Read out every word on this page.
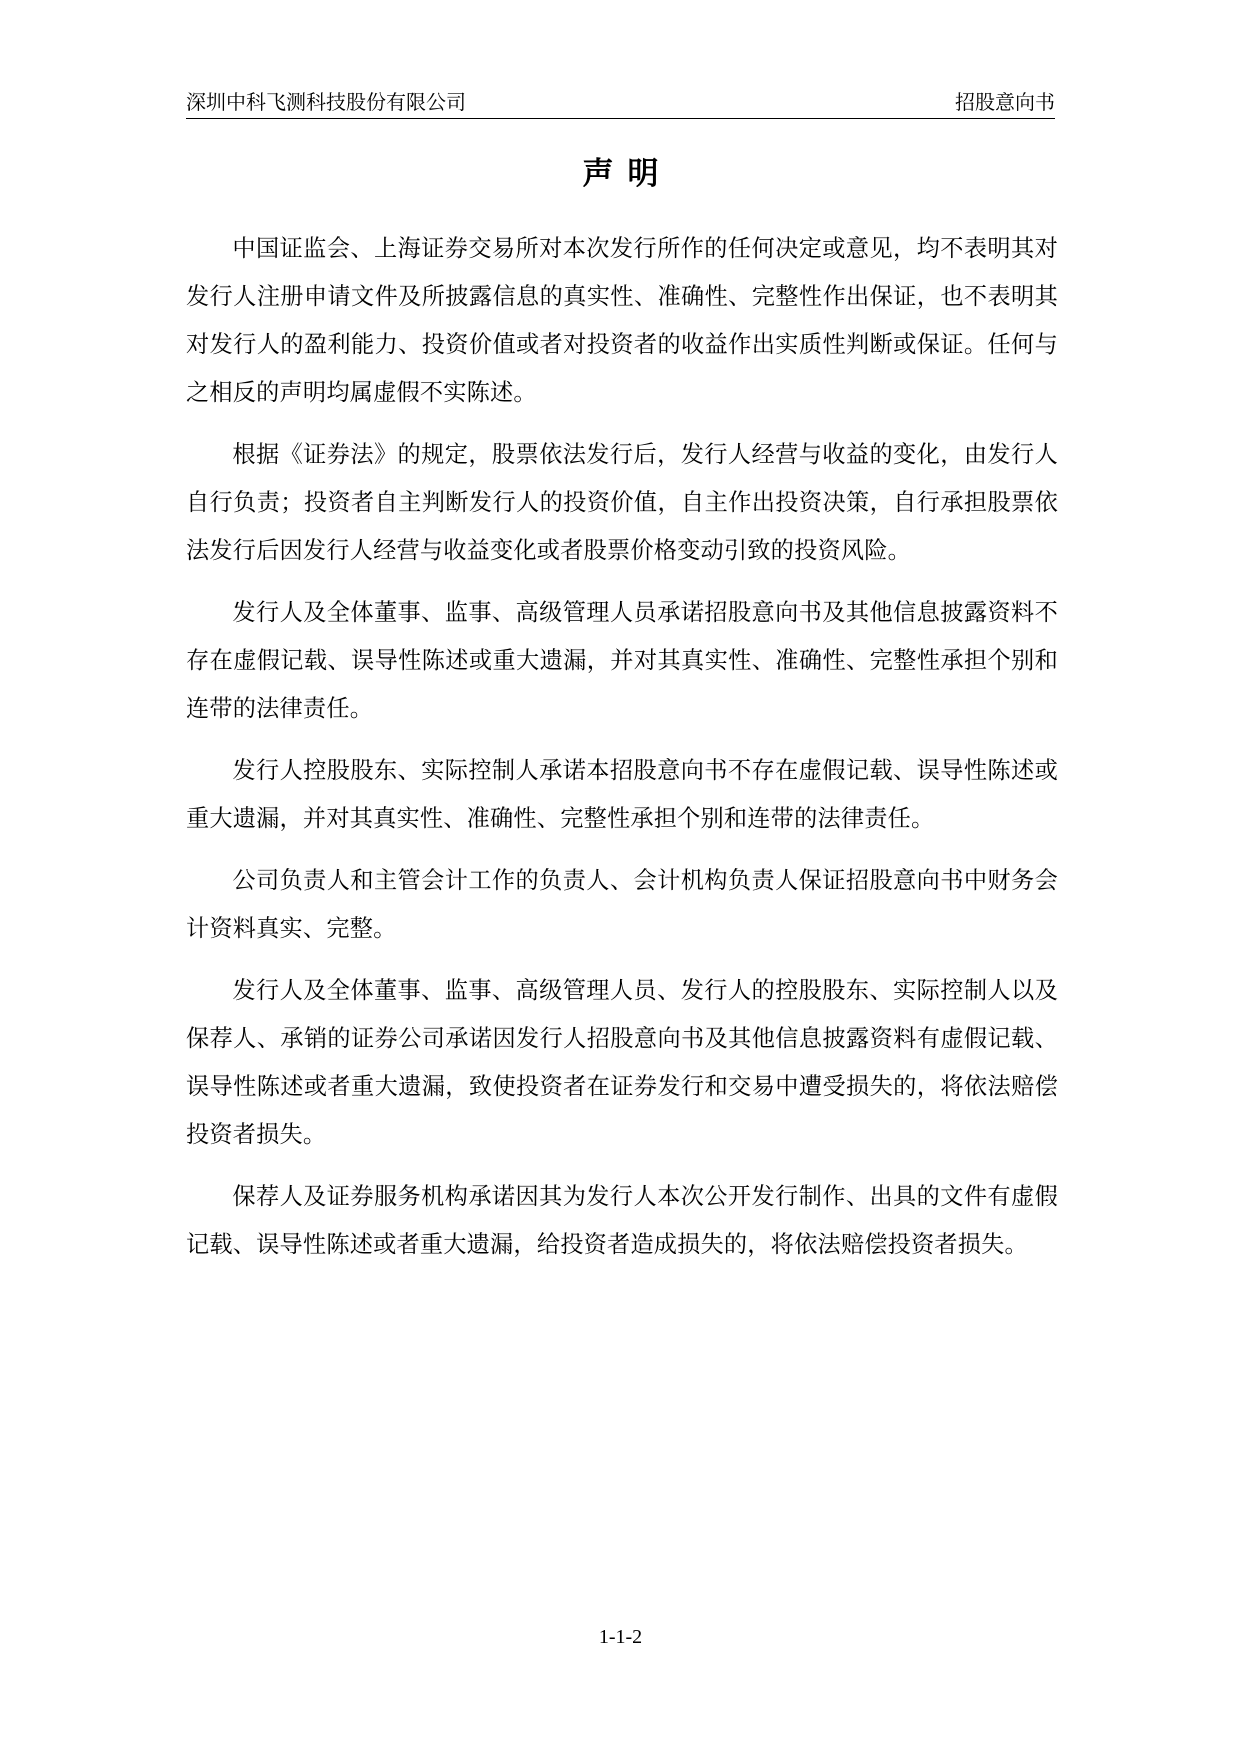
深圳中科飞测科技股份有限公司	招股意向书
声明

中国证监会、上海证券交易所对本次发行所作的任何决定或意见，均不表明其对发行人注册申请文件及所披露信息的真实性、准确性、完整性作出保证，也不表明其对发行人的盈利能力、投资价值或者对投资者的收益作出实质性判断或保证。任何与之相反的声明均属虚假不实陈述。

根据《证券法》的规定，股票依法发行后，发行人经营与收益的变化，由发行人自行负责；投资者自主判断发行人的投资价值，自主作出投资决策，自行承担股票依法发行后因发行人经营与收益变化或者股票价格变动引致的投资风险。

发行人及全体董事、监事、高级管理人员承诺招股意向书及其他信息披露资料不存在虚假记载、误导性陈述或重大遗漏，并对其真实性、准确性、完整性承担个别和连带的法律责任。

发行人控股股东、实际控制人承诺本招股意向书不存在虚假记载、误导性陈述或重大遗漏，并对其真实性、准确性、完整性承担个别和连带的法律责任。

公司负责人和主管会计工作的负责人、会计机构负责人保证招股意向书中财务会计资料真实、完整。

发行人及全体董事、监事、高级管理人员、发行人的控股股东、实际控制人以及保荐人、承销的证券公司承诺因发行人招股意向书及其他信息披露资料有虚假记载、误导性陈述或者重大遗漏，致使投资者在证券发行和交易中遭受损失的，将依法赔偿投资者损失。

保荐人及证券服务机构承诺因其为发行人本次公开发行制作、出具的文件有虚假记载、误导性陈述或者重大遗漏，给投资者造成损失的，将依法赔偿投资者损失。

1-1-2
